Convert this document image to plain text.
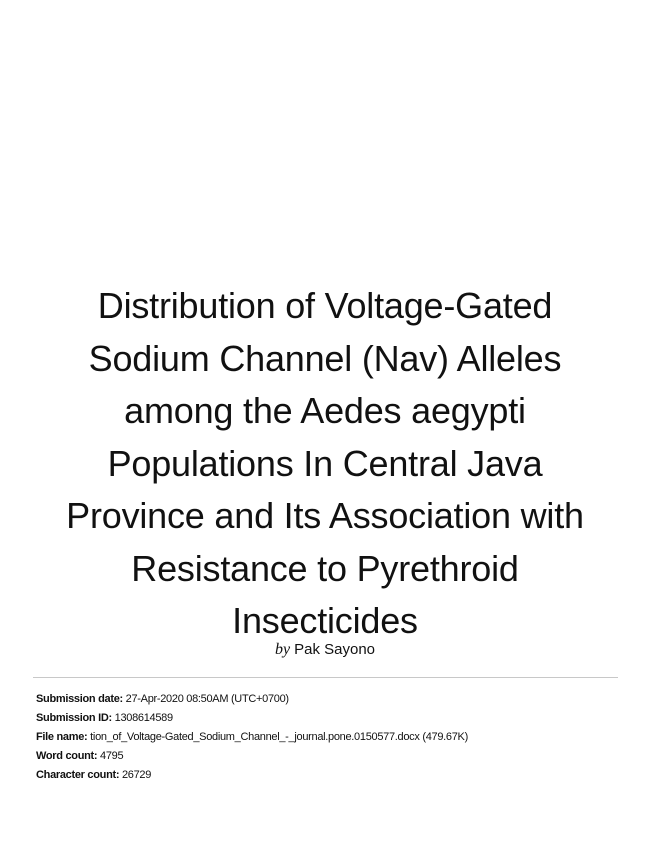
Distribution of Voltage-Gated
Sodium Channel (Nav) Alleles
among the Aedes aegypti
Populations In Central Java
Province and Its Association with
Resistance to Pyrethroid
Insecticides
by Pak Sayono
Submission date: 27-Apr-2020 08:50AM (UTC+0700)
Submission ID: 1308614589
File name: tion_of_Voltage-Gated_Sodium_Channel_-_journal.pone.0150577.docx (479.67K)
Word count: 4795
Character count: 26729
